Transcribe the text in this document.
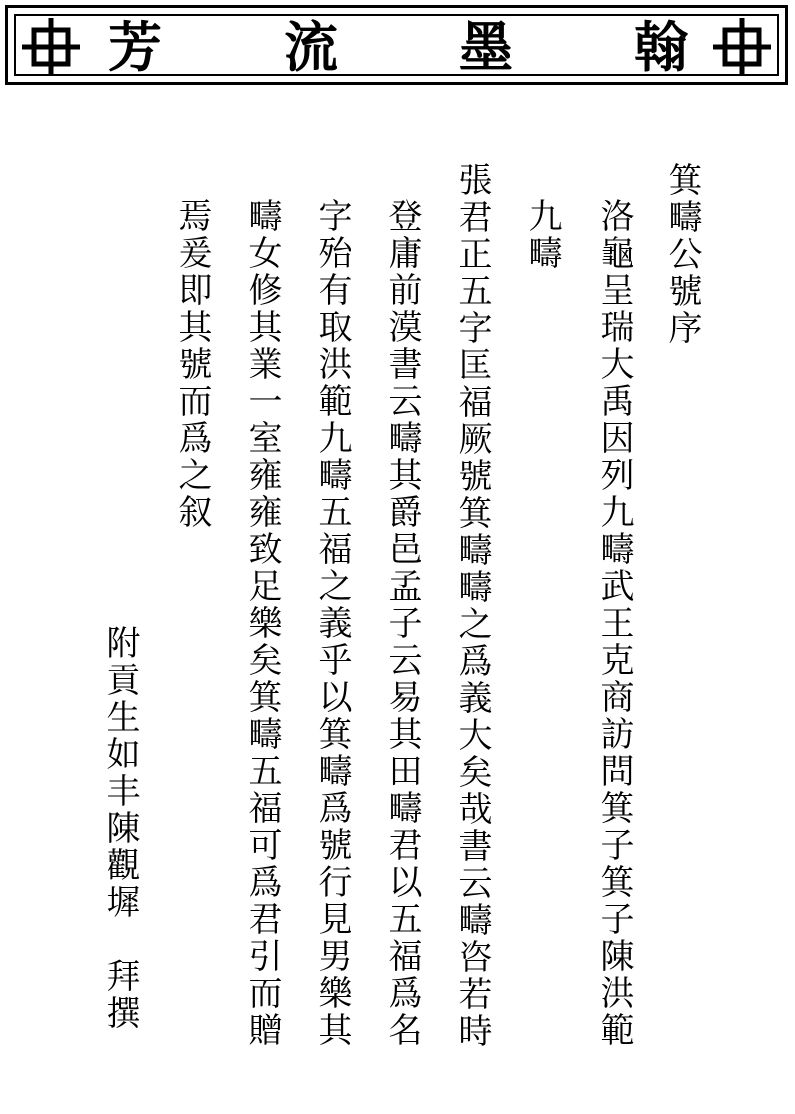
芳 流 墨 翰
箕疇公號序
洛龜呈瑞大禹因列九疇武王克商訪問箕子箕子陳洪範
九疇
張君正五字匡福厥號箕疇疇之爲義大矣哉書云疇咨若時
登庸前漠書云疇其爵邑孟子云易其田疇君以五福爲名
字殆有取洪範九疇五福之義乎以箕疇爲號行見男樂其
疇女修其業一室雍雍致足樂矣箕疇五福可爲君引而贈
焉爰即其號而爲之叙
附貢生如丰陳觀墀　拜撰
